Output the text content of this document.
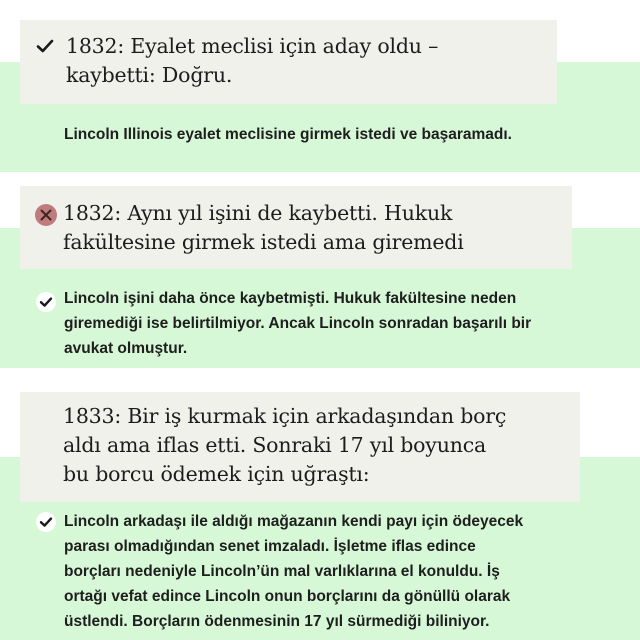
1832: Eyalet meclisi için aday oldu –
kaybetti: Doğru.
Lincoln Illinois eyalet meclisine girmek istedi ve başaramadı.
1832: Aynı yıl işini de kaybetti. Hukuk
fakültesine girmek istedi ama giremedi
Lincoln işini daha önce kaybetmişti. Hukuk fakültesine neden
giremediği ise belirtilmiyor. Ancak Lincoln sonradan başarılı bir
avukat olmuştur.
1833: Bir iş kurmak için arkadaşından borç
aldı ama iflas etti. Sonraki 17 yıl boyunca
bu borcu ödemek için uğraştı:
Lincoln arkadaşı ile aldığı mağazanın kendi payı için ödeyecek
parası olmadığından senet imzaladı. İşletme iflas edince
borçları nedeniyle Lincoln’ün mal varlıklarına el konuldu. İş
ortağı vefat edince Lincoln onun borçlarını da gönüllü olarak
üstlendi. Borçların ödenmesinin 17 yıl sürmediği biliniyor.
